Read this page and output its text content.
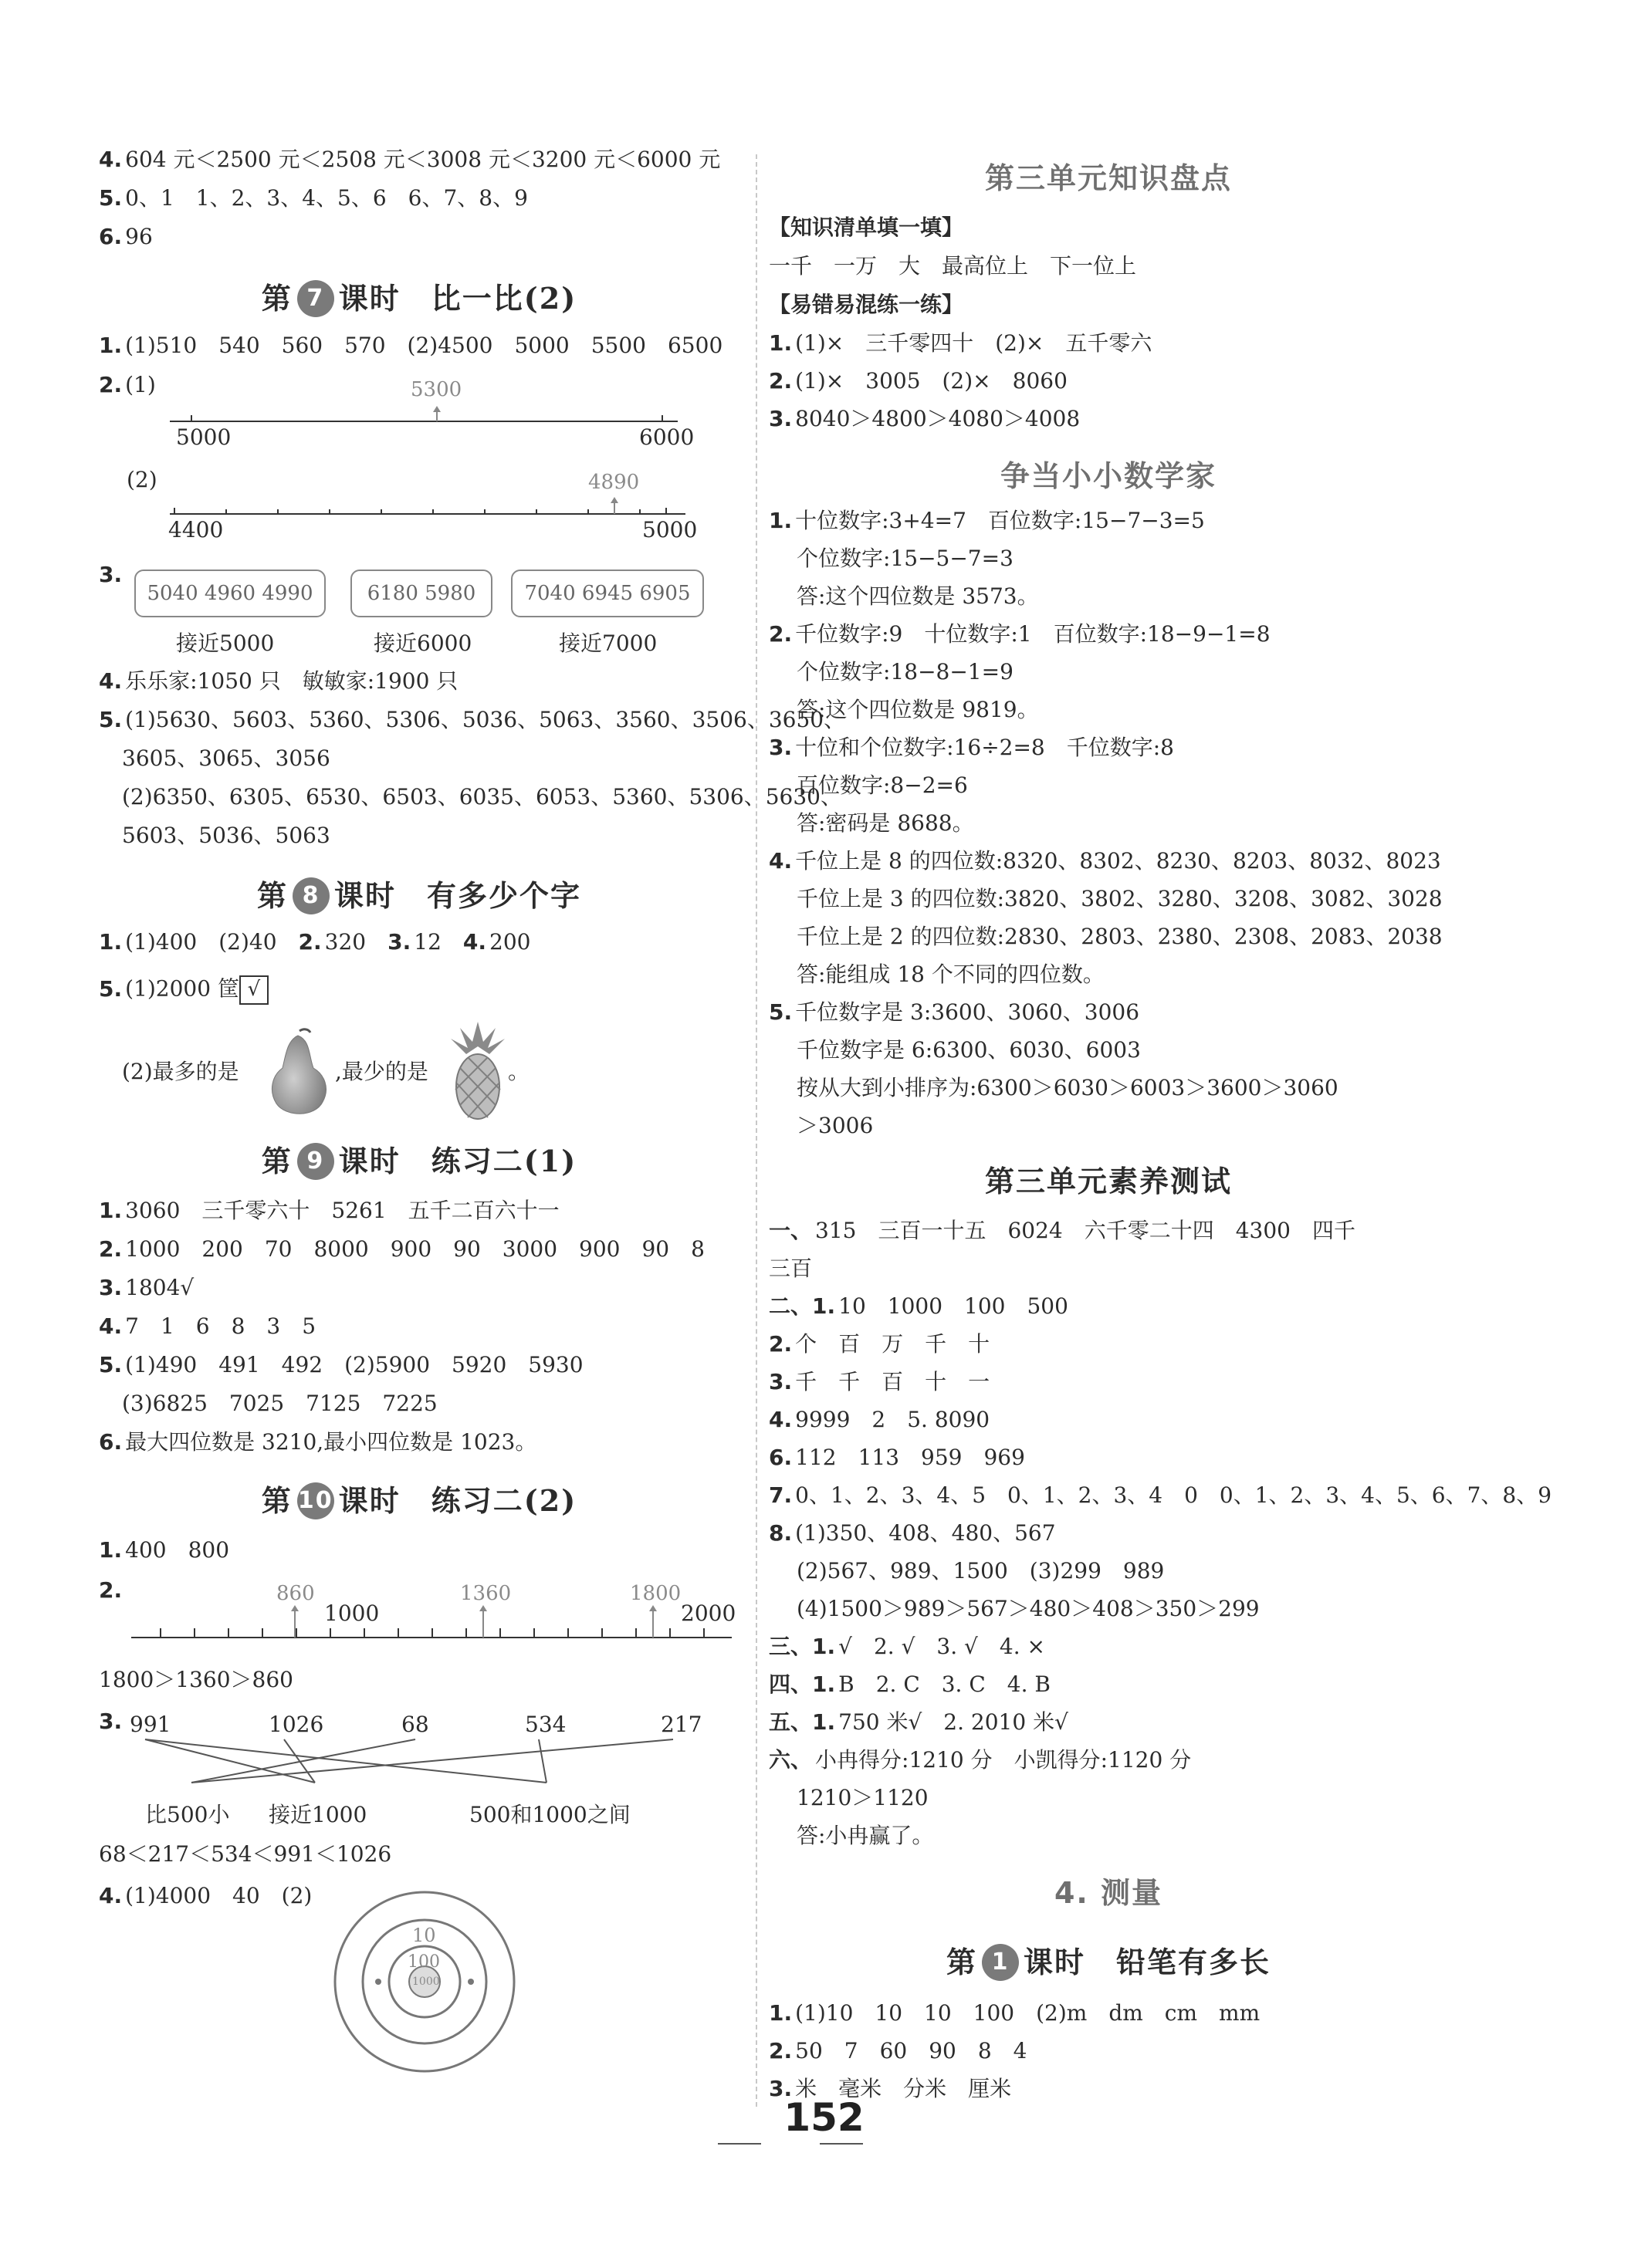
4. 604 元＜2500 元＜2508 元＜3008 元＜3200 元＜6000 元
5. 0、1　1、2、3、4、5、6　6、7、8、9
6. 96
第 7 课时　比一比(2)
1. (1)510　540　560　570　(2)4500　5000　5500　6500
2. (1)	5300
5000	6000
(2)	4890
4400	5000
3.
5040 4960 4990	6180 5980	7040 6945 6905
接近5000	接近6000	接近7000
4. 乐乐家:1050 只　敏敏家:1900 只
5. (1)5630、5603、5360、5306、5036、5063、3560、3506、3650、
3605、3065、3056
(2)6350、6305、6530、6503、6035、6053、5360、5306、5630、
5603、5036、5063
第 8 课时　有多少个字
1. (1)400　(2)40　 2. 320　 3. 12　 4. 200
5. (1)2000 筐 √
(2)最多的是	,最少的是	。
第 9 课时　练习二(1)
1. 3060　三千零六十　5261　五千二百六十一
2. 1000　200　70　8000　900　90　3000　900　90　8
3. 1804√
4. 7　1　6　8　3　5
5. (1)490　491　492　(2)5900　5920　5930
(3)6825　7025　7125　7225
6. 最大四位数是 3210,最小四位数是 1023。
第 10 课时　练习二(2)
1. 400　800
2.	860	1360	1800
1000	2000
1800＞1360＞860
3. 991	1026	68	534	217
比500小 接近1000	500和1000之间
68＜217＜534＜991＜1026
4. (1)4000　40　(2)
10
100
1000
第三单元知识盘点
【知识清单填一填】
一千　一万　大　最高位上　下一位上
【易错易混练一练】
1. (1)×　三千零四十　(2)×　五千零六
2. (1)×　3005　(2)×　8060
3. 8040＞4800＞4080＞4008
争当小小数学家
1. 十位数字:3+4=7　百位数字:15−7−3=5
个位数字:15−5−7=3
答:这个四位数是 3573。
2. 千位数字:9　十位数字:1　百位数字:18−9−1=8
个位数字:18−8−1=9
答:这个四位数是 9819。
3. 十位和个位数字:16÷2=8　千位数字:8
百位数字:8−2=6
答:密码是 8688。
4. 千位上是 8 的四位数:8320、8302、8230、8203、8032、8023
千位上是 3 的四位数:3820、3802、3280、3208、3082、3028
千位上是 2 的四位数:2830、2803、2380、2308、2083、2038
答:能组成 18 个不同的四位数。
5. 千位数字是 3:3600、3060、3006
千位数字是 6:6300、6030、6003
按从大到小排序为:6300＞6030＞6003＞3600＞3060
＞3006
第三单元素养测试
一、 315　三百一十五　6024　六千零二十四　4300　四千
三百
二、1. 10　1000　100　500
2. 个　百　万　千　十
3. 千　千　百　十　一
4. 9999　2　5. 8090
6. 112　113　959　969
7. 0、1、2、3、4、5　0、1、2、3、4　0　0、1、2、3、4、5、6、7、8、9
8. (1)350、408、480、567
(2)567、989、1500　(3)299　989
(4)1500＞989＞567＞480＞408＞350＞299
三、1. √　2. √　3. √　4. ×
四、1. B　2. C　3. C　4. B
五、1. 750 米√　2. 2010 米√
六、 小冉得分:1210 分　小凯得分:1120 分
1210＞1120
答:小冉赢了。
4. 测量
第 1 课时　铅笔有多长
1. (1)10　10　10　100　(2)m　dm　cm　mm
2. 50　7　60　90　8　4
3. 米　毫米　分米　厘米
152
